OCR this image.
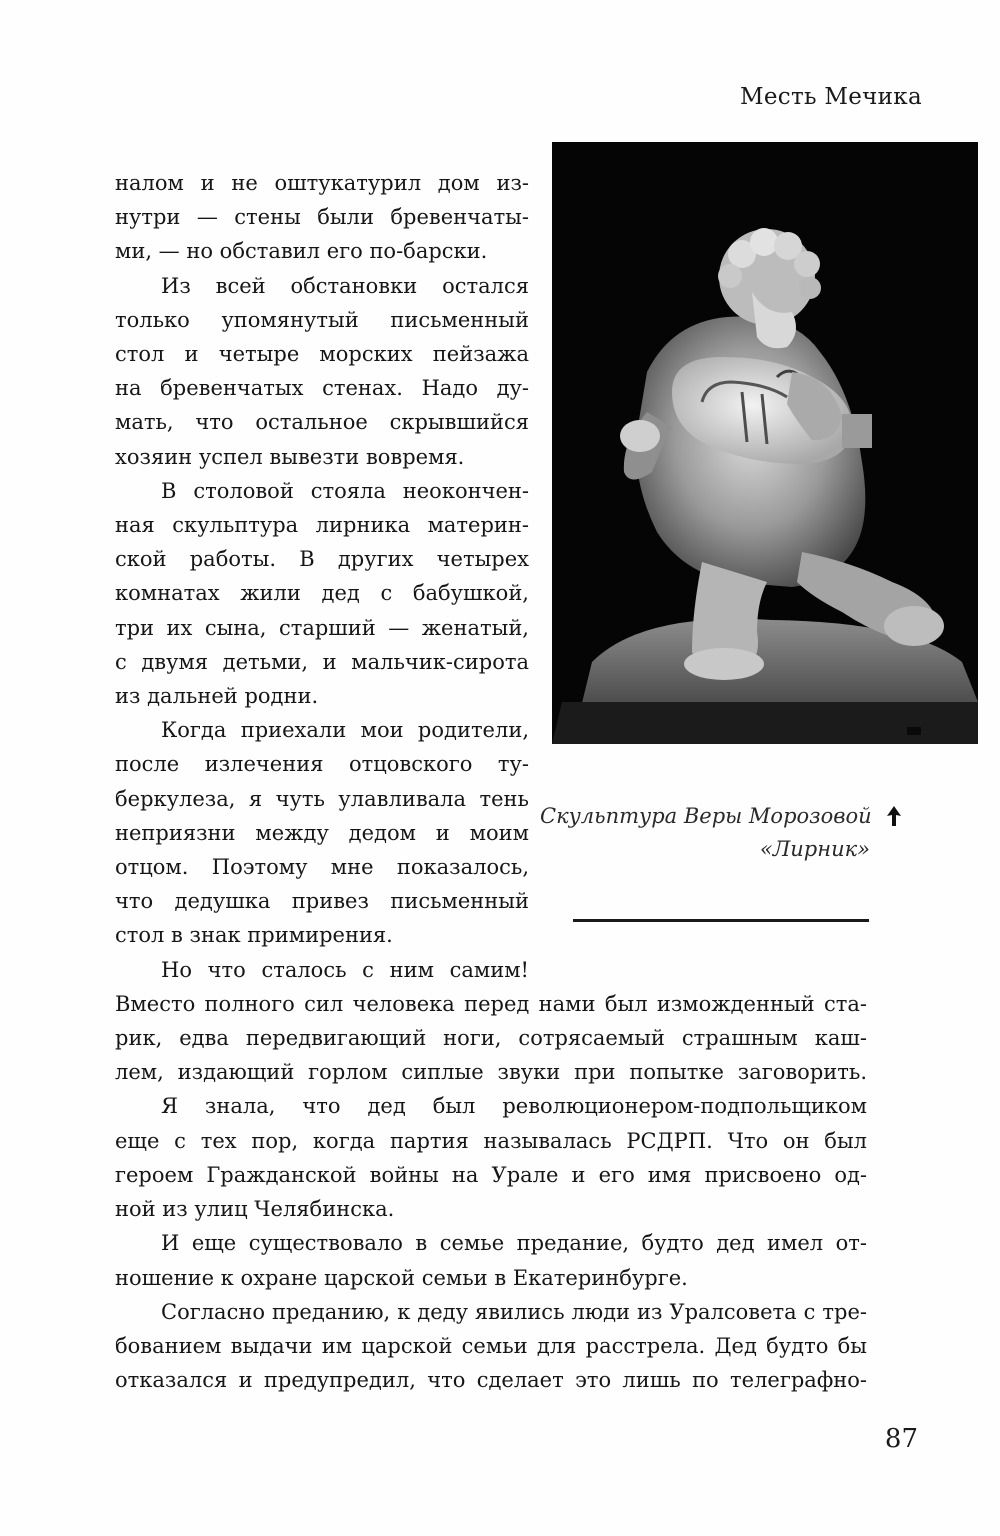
Месть Мечика

Скульптура Веры Морозовой
«Лирник»

налом и не оштукатурил дом из-
нутри — стены были бревенчаты-
ми, — но обставил его по-барски.
Из всей обстановки остался
только упомянутый письменный
стол и четыре морских пейзажа
на бревенчатых стенах. Надо ду-
мать, что остальное скрывшийся
хозяин успел вывезти вовремя.
В столовой стояла неокончен-
ная скульптура лирника материн-
ской работы. В других четырех
комнатах жили дед с бабушкой,
три их сына, старший — женатый,
с двумя детьми, и мальчик-сирота
из дальней родни.
Когда приехали мои родители,
после излечения отцовского ту-
беркулеза, я чуть улавливала тень
неприязни между дедом и моим
отцом. Поэтому мне показалось,
что дедушка привез письменный
стол в знак примирения.
Но что сталось с ним самим!
Вместо полного сил человека перед нами был изможденный ста-
рик, едва передвигающий ноги, сотрясаемый страшным каш-
лем, издающий горлом сиплые звуки при попытке заговорить.
Я знала, что дед был революционером-подпольщиком
еще с тех пор, когда партия называлась РСДРП. Что он был
героем Гражданской войны на Урале и его имя присвоено од-
ной из улиц Челябинска.
И еще существовало в семье предание, будто дед имел от-
ношение к охране царской семьи в Екатеринбурге.
Согласно преданию, к деду явились люди из Уралсовета с тре-
бованием выдачи им царской семьи для расстрела. Дед будто бы
отказался и предупредил, что сделает это лишь по телеграфно-

87
